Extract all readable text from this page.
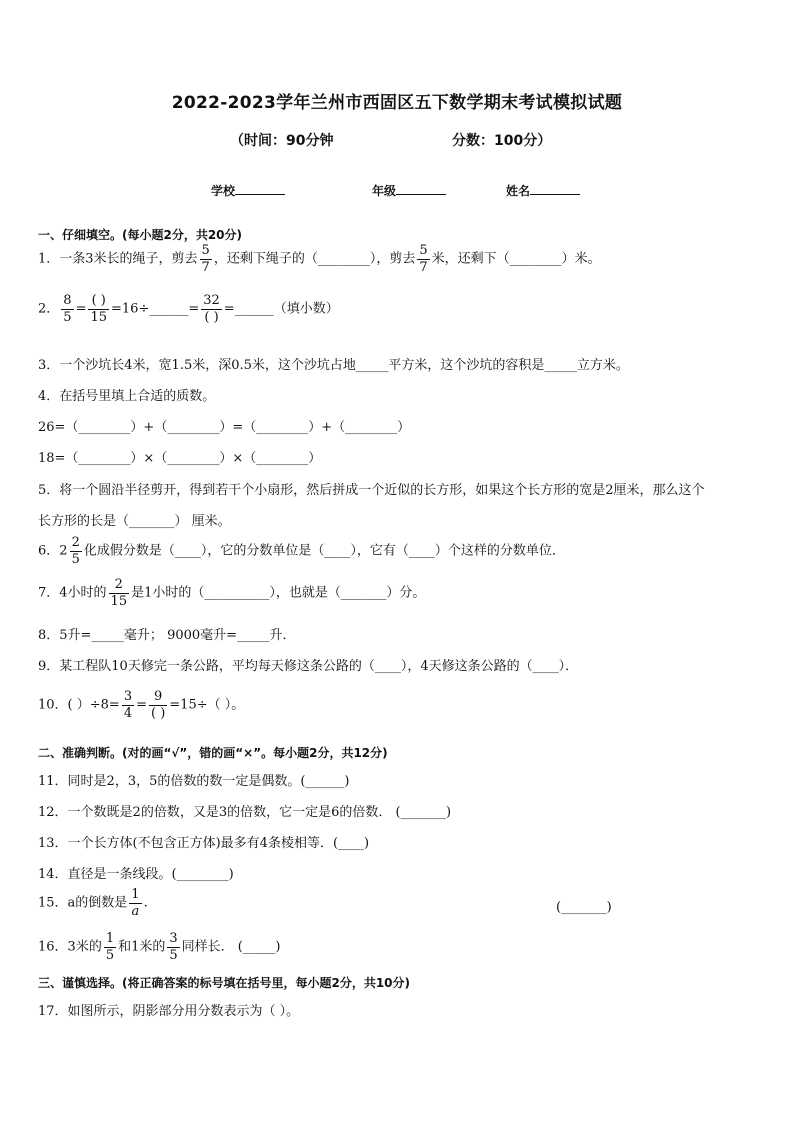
2022-2023学年兰州市西固区五下数学期末考试模拟试题
（时间：90分钟	分数：100分）
学校	年级	姓名
一、仔细填空。(每小题2分，共20分)
1．一条3米长的绳子，剪去 $\frac{5}{7}$ ，还剩下绳子的（________），剪去 $\frac{5}{7}$ 米，还剩下（________）米。
2． $\frac{8}{5} = \frac{( )}{15}$ =16÷______= $\frac{32}{( )}$ =______（填小数）
3．一个沙坑长4米，宽1.5米，深0.5米，这个沙坑占地_____平方米，这个沙坑的容积是_____立方米。
4．在括号里填上合适的质数。
26=（________）+（________）=（________）+（________）
18=（________）×（________）×（________）
5．将一个圆沿半径剪开，得到若干个小扇形，然后拼成一个近似的长方形，如果这个长方形的宽是2厘米，那么这个
长方形的长是（_______） 厘米。
6．$2 \frac{2}{5}$ 化成假分数是（____），它的分数单位是（____），它有（____）个这样的分数单位．
7．4小时的 $\frac{2}{15}$ 是1小时的（__________），也就是（_______）分。
8．5升=_____毫升； 9000毫升=_____升．
9．某工程队10天修完一条公路，平均每天修这条公路的（____），4天修这条公路的（____）．
10．( ）$\div 8= \frac{3}{4} = \frac{9}{( )} =15\div$（ ）。
二、准确判断。(对的画“√”，错的画“×”。每小题2分，共12分)
11．同时是2，3，5的倍数的数一定是偶数。(______)
12．一个数既是2的倍数，又是3的倍数，它一定是6的倍数． (_______)
13．一个长方体(不包含正方体)最多有4条棱相等．(____)
14．直径是一条线段。(________)
15．a的倒数是 $\frac{1}{a}$ .	(_______)
16．3米的 $\frac{1}{5}$ 和1米的 $\frac{3}{5}$ 同样长． (_____)
三、谨慎选择。(将正确答案的标号填在括号里，每小题2分，共10分)
17．如图所示，阴影部分用分数表示为（ ）。
